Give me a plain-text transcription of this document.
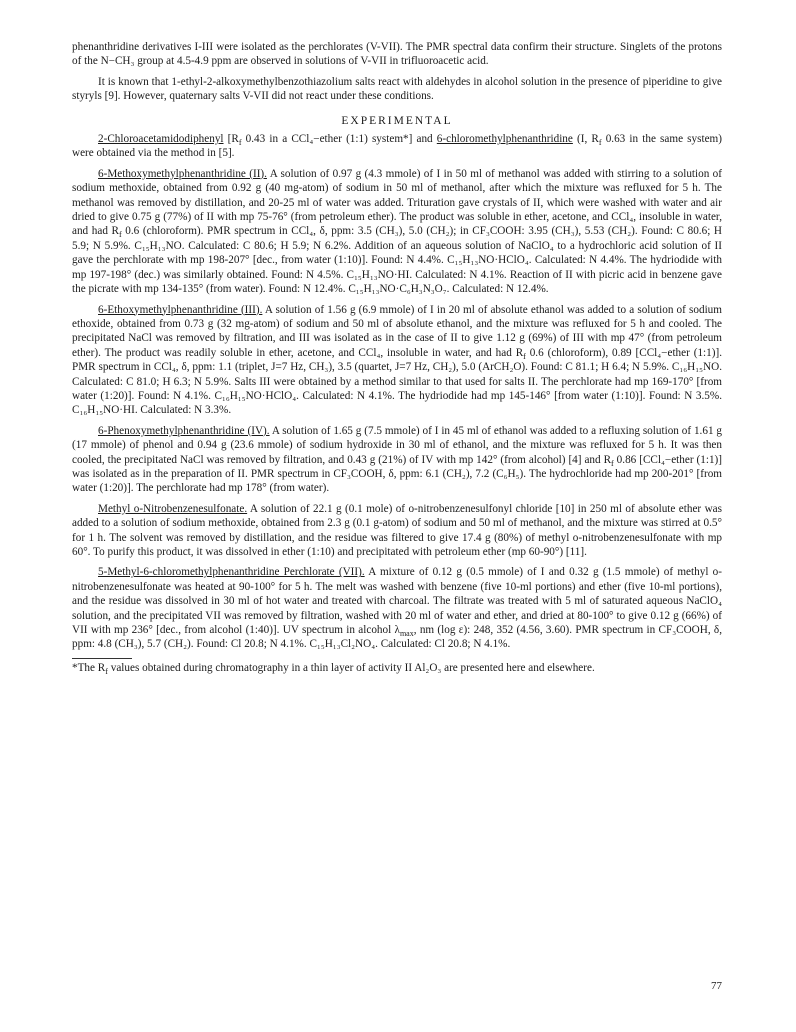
phenanthridine derivatives I-III were isolated as the perchlorates (V-VII). The PMR spectral data confirm their structure. Singlets of the protons of the N−CH₃ group at 4.5-4.9 ppm are observed in solutions of V-VII in trifluoroacetic acid.

It is known that 1-ethyl-2-alkoxymethylbenzothiazolium salts react with aldehydes in alcohol solution in the presence of piperidine to give styryls [9]. However, quaternary salts V-VII did not react under these conditions.

EXPERIMENTAL

2-Chloroacetamidodiphenyl [$R_f$ 0.43 in a CCl₄−ether (1:1) system*] and 6-chloromethylphenanthridine (I, $R_f$ 0.63 in the same system) were obtained via the method in [5].

6-Methoxymethylphenanthridine (II). A solution of 0.97 g (4.3 mmole) of I in 50 ml of methanol was added with stirring to a solution of sodium methoxide, obtained from 0.92 g (40 mg-atom) of sodium in 50 ml of methanol, after which the mixture was refluxed for 5 h. The methanol was removed by distillation, and 20-25 ml of water was added. Trituration gave crystals of II, which were washed with water and air dried to give 0.75 g (77%) of II with mp 75-76° (from petroleum ether). The product was soluble in ether, acetone, and CCl₄, insoluble in water, and had $R_f$ 0.6 (chloroform). PMR spectrum in CCl₄, δ, ppm: 3.5 (CH₃), 5.0 (CH₂); in CF₃COOH: 3.95 (CH₃), 5.53 (CH₂). Found: C 80.6; H 5.9; N 5.9%. C₁₅H₁₃NO. Calculated: C 80.6; H 5.9; N 6.2%. Addition of an aqueous solution of NaClO₄ to a hydrochloric acid solution of II gave the perchlorate with mp 198-207° [dec., from water (1:10)]. Found: N 4.4%. C₁₅H₁₃NO·HClO₄. Calculated: N 4.4%. The hydriodide with mp 197-198° (dec.) was similarly obtained. Found: N 4.5%. C₁₅H₁₃NO·HI. Calculated: N 4.1%. Reaction of II with picric acid in benzene gave the picrate with mp 134-135° (from water). Found: N 12.4%. C₁₅H₁₃NO·C₆H₃N₃O₇. Calculated: N 12.4%.

6-Ethoxymethylphenanthridine (III). A solution of 1.56 g (6.9 mmole) of I in 20 ml of absolute ethanol was added to a solution of sodium ethoxide, obtained from 0.73 g (32 mg-atom) of sodium and 50 ml of absolute ethanol, and the mixture was refluxed for 5 h and cooled. The precipitated NaCl was removed by filtration, and III was isolated as in the case of II to give 1.12 g (69%) of III with mp 47° (from petroleum ether). The product was readily soluble in ether, acetone, and CCl₄, insoluble in water, and had $R_f$ 0.6 (chloroform), 0.89 [CCl₄−ether (1:1)]. PMR spectrum in CCl₄, δ, ppm: 1.1 (triplet, J=7 Hz, CH₃), 3.5 (quartet, J=7 Hz, CH₂), 5.0 (ArCH₂O). Found: C 81.1; H 6.4; N 5.9%. C₁₆H₁₅NO. Calculated: C 81.0; H 6.3; N 5.9%. Salts III were obtained by a method similar to that used for salts II. The perchlorate had mp 169-170° [from water (1:20)]. Found: N 4.1%. C₁₆H₁₅NO·HClO₄. Calculated: N 4.1%. The hydriodide had mp 145-146° [from water (1:10)]. Found: N 3.5%. C₁₆H₁₅NO·HI. Calculated: N 3.3%.

6-Phenoxymethylphenanthridine (IV). A solution of 1.65 g (7.5 mmole) of I in 45 ml of ethanol was added to a refluxing solution of 1.61 g (17 mmole) of phenol and 0.94 g (23.6 mmole) of sodium hydroxide in 30 ml of ethanol, and the mixture was refluxed for 5 h. It was then cooled, the precipitated NaCl was removed by filtration, and 0.43 g (21%) of IV with mp 142° (from alcohol) [4] and $R_f$ 0.86 [CCl₄−ether (1:1)] was isolated as in the preparation of II. PMR spectrum in CF₃COOH, δ, ppm: 6.1 (CH₂), 7.2 (C₆H₅). The hydrochloride had mp 200-201° [from water (1:20)]. The perchlorate had mp 178° (from water).

Methyl o-Nitrobenzenesulfonate. A solution of 22.1 g (0.1 mole) of o-nitrobenzenesulfonyl chloride [10] in 250 ml of absolute ether was added to a solution of sodium methoxide, obtained from 2.3 g (0.1 g-atom) of sodium and 50 ml of methanol, and the mixture was stirred at 0.5° for 1 h. The solvent was removed by distillation, and the residue was filtered to give 17.4 g (80%) of methyl o-nitrobenzenesulfonate with mp 60°. To purify this product, it was dissolved in ether (1:10) and precipitated with petroleum ether (mp 60-90°) [11].

5-Methyl-6-chloromethylphenanthridine Perchlorate (VII). A mixture of 0.12 g (0.5 mmole) of I and 0.32 g (1.5 mmole) of methyl o-nitrobenzenesulfonate was heated at 90-100° for 5 h. The melt was washed with benzene (five 10-ml portions) and ether (five 10-ml portions), and the residue was dissolved in 30 ml of hot water and treated with charcoal. The filtrate was treated with 5 ml of saturated aqueous NaClO₄ solution, and the precipitated VII was removed by filtration, washed with 20 ml of water and ether, and dried at 80-100° to give 0.12 g (66%) of VII with mp 236° [dec., from alcohol (1:40)]. UV spectrum in alcohol $\lambda_{max}$, nm (log ε): 248, 352 (4.56, 3.60). PMR spectrum in CF₃COOH, δ, ppm: 4.8 (CH₃), 5.7 (CH₂). Found: Cl 20.8; N 4.1%. C₁₅H₁₃Cl₂NO₄. Calculated: Cl 20.8; N 4.1%.

*The $R_f$ values obtained during chromatography in a thin layer of activity II Al₂O₃ are presented here and elsewhere.

77
